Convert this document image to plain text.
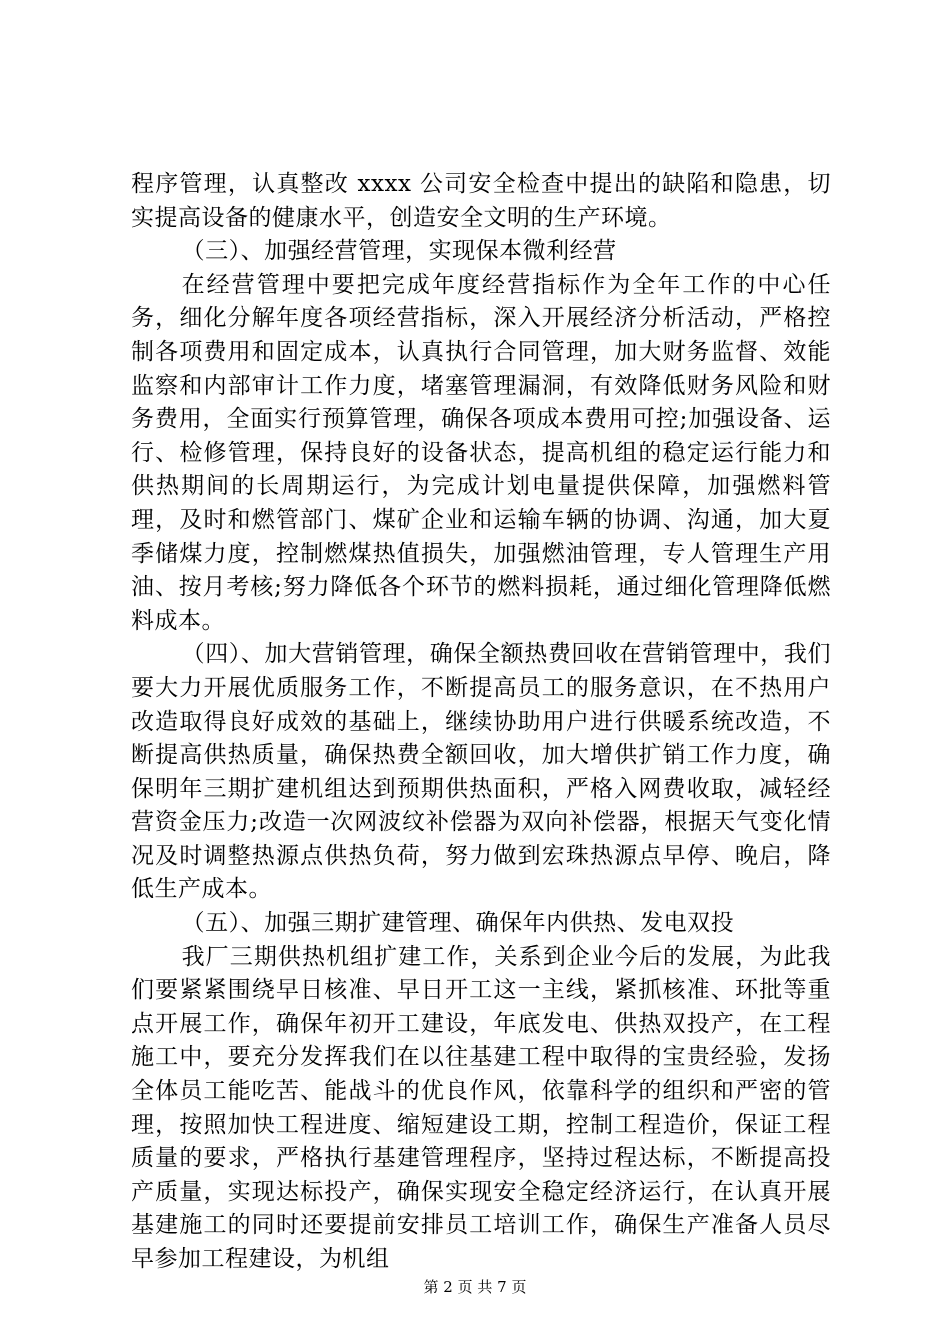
程序管理，认真整改 xxxx 公司安全检查中提出的缺陷和隐患，切实提高设备的健康水平，创造安全文明的生产环境。

（三）、加强经营管理，实现保本微利经营

在经营管理中要把完成年度经营指标作为全年工作的中心任务，细化分解年度各项经营指标，深入开展经济分析活动，严格控制各项费用和固定成本，认真执行合同管理，加大财务监督、效能监察和内部审计工作力度，堵塞管理漏洞，有效降低财务风险和财务费用，全面实行预算管理，确保各项成本费用可控;加强设备、运行、检修管理，保持良好的设备状态，提高机组的稳定运行能力和供热期间的长周期运行，为完成计划电量提供保障，加强燃料管理，及时和燃管部门、煤矿企业和运输车辆的协调、沟通，加大夏季储煤力度，控制燃煤热值损失，加强燃油管理，专人管理生产用油、按月考核;努力降低各个环节的燃料损耗，通过细化管理降低燃料成本。

（四）、加大营销管理，确保全额热费回收在营销管理中，我们要大力开展优质服务工作，不断提高员工的服务意识，在不热用户改造取得良好成效的基础上，继续协助用户进行供暖系统改造，不断提高供热质量，确保热费全额回收，加大增供扩销工作力度，确保明年三期扩建机组达到预期供热面积，严格入网费收取，减轻经营资金压力;改造一次网波纹补偿器为双向补偿器，根据天气变化情况及时调整热源点供热负荷，努力做到宏珠热源点早停、晚启，降低生产成本。

（五）、加强三期扩建管理、确保年内供热、发电双投

我厂三期供热机组扩建工作，关系到企业今后的发展，为此我们要紧紧围绕早日核准、早日开工这一主线，紧抓核准、环批等重点开展工作，确保年初开工建设，年底发电、供热双投产，在工程施工中，要充分发挥我们在以往基建工程中取得的宝贵经验，发扬全体员工能吃苦、能战斗的优良作风，依靠科学的组织和严密的管理，按照加快工程进度、缩短建设工期，控制工程造价，保证工程质量的要求，严格执行基建管理程序，坚持过程达标，不断提高投产质量，实现达标投产，确保实现安全稳定经济运行，在认真开展基建施工的同时还要提前安排员工培训工作，确保生产准备人员尽早参加工程建设，为机组

第 2 页 共 7 页
